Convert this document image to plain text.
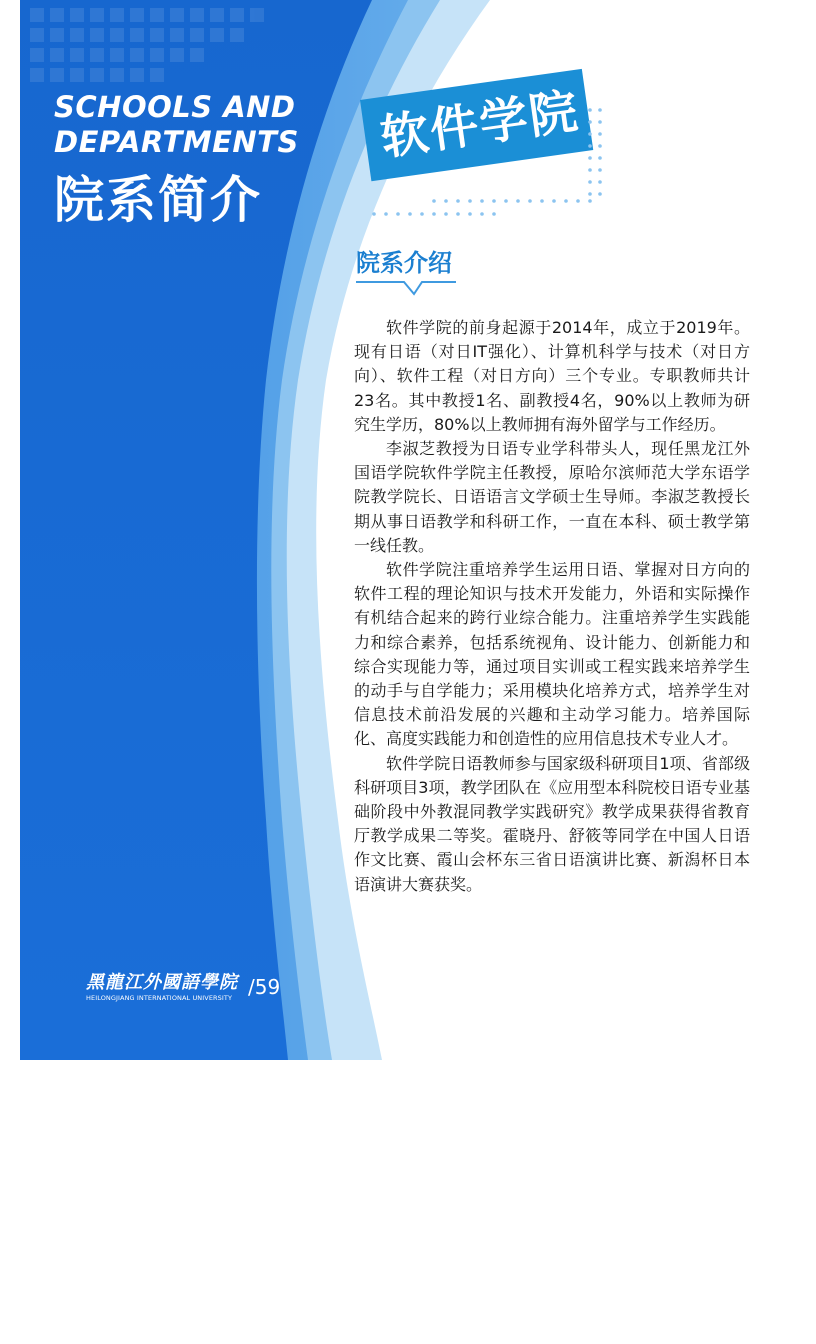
SCHOOLS AND
DEPARTMENTS
院系简介
软件学院
院系介绍

软件学院的前身起源于2014年，成立于2019年。现有日语（对日IT强化）、计算机科学与技术（对日方向）、软件工程（对日方向）三个专业。专职教师共计23名。其中教授1名、副教授4名，90%以上教师为研究生学历，80%以上教师拥有海外留学与工作经历。

李淑芝教授为日语专业学科带头人，现任黑龙江外国语学院软件学院主任教授，原哈尔滨师范大学东语学院教学院长、日语语言文学硕士生导师。李淑芝教授长期从事日语教学和科研工作，一直在本科、硕士教学第一线任教。

软件学院注重培养学生运用日语、掌握对日方向的软件工程的理论知识与技术开发能力，外语和实际操作有机结合起来的跨行业综合能力。注重培养学生实践能力和综合素养，包括系统视角、设计能力、创新能力和综合实现能力等，通过项目实训或工程实践来培养学生的动手与自学能力；采用模块化培养方式，培养学生对信息技术前沿发展的兴趣和主动学习能力。培养国际化、高度实践能力和创造性的应用信息技术专业人才。

软件学院日语教师参与国家级科研项目1项、省部级科研项目3项，教学团队在《应用型本科院校日语专业基础阶段中外教混同教学实践研究》教学成果获得省教育厅教学成果二等奖。霍晓丹、舒筱等同学在中国人日语作文比赛、霞山会杯东三省日语演讲比赛、新潟杯日本语演讲大赛获奖。

黑龍江外國語學院
HEILONGJIANG INTERNATIONAL UNIVERSITY /59
